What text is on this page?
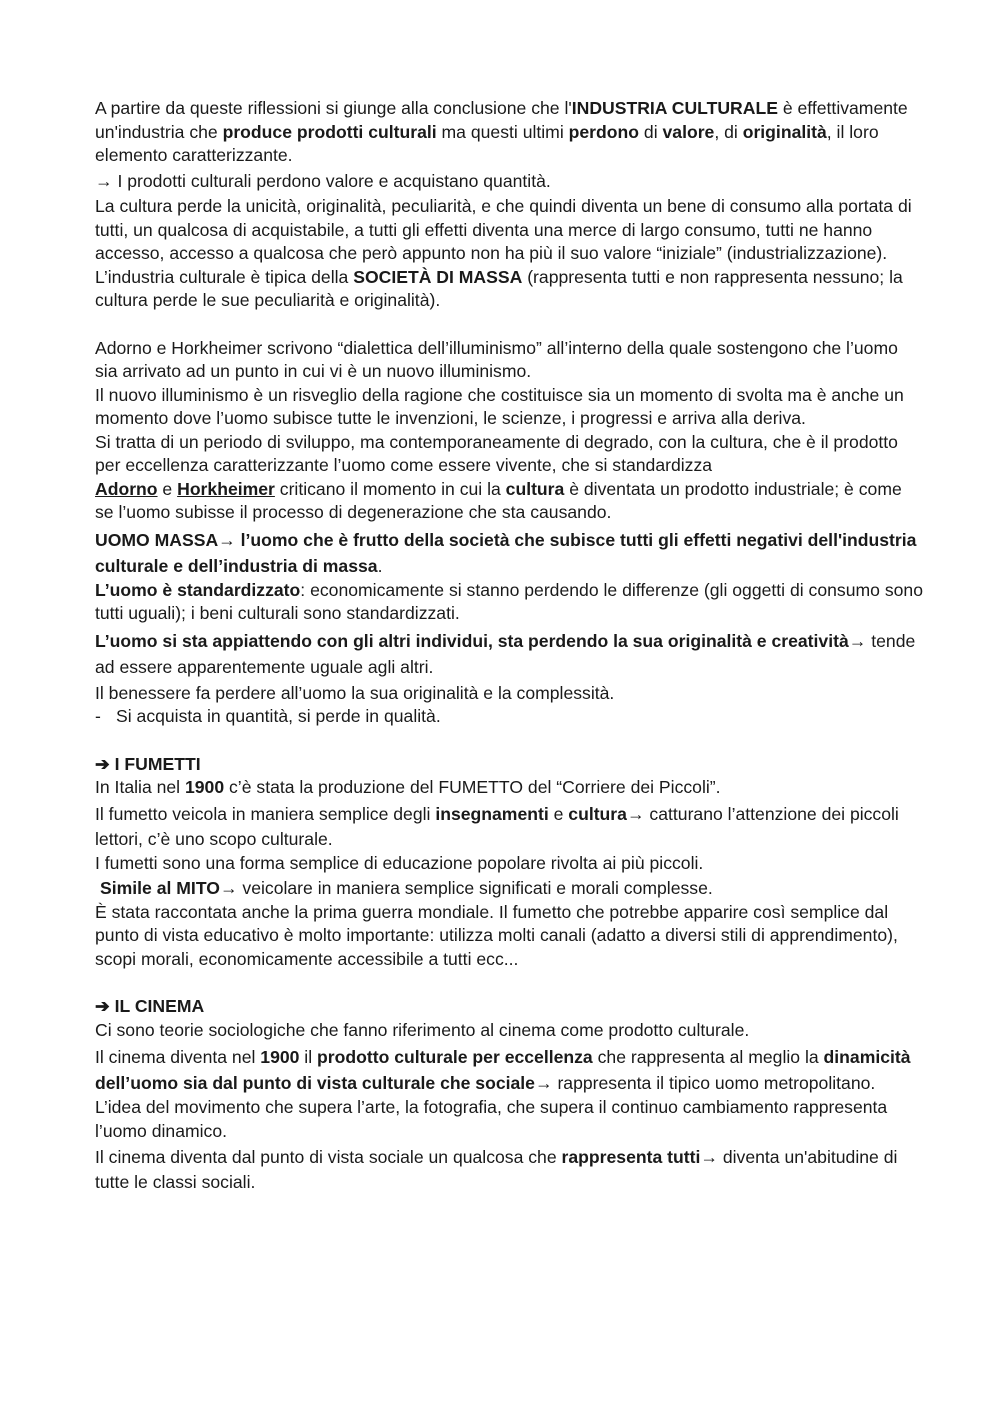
A partire da queste riflessioni si giunge alla conclusione che l'INDUSTRIA CULTURALE è effettivamente un'industria che produce prodotti culturali ma questi ultimi perdono di valore, di originalità, il loro elemento caratterizzante.

→ I prodotti culturali perdono valore e acquistano quantità.

La cultura perde la unicità, originalità, peculiarità, e che quindi diventa un bene di consumo alla portata di tutti, un qualcosa di acquistabile, a tutti gli effetti diventa una merce di largo consumo, tutti ne hanno accesso, accesso a qualcosa che però appunto non ha più il suo valore “iniziale” (industrializzazione).

L’industria culturale è tipica della SOCIETÀ DI MASSA (rappresenta tutti e non rappresenta nessuno; la cultura perde le sue peculiarità e originalità).

Adorno e Horkheimer scrivono “dialettica dell’illuminismo” all’interno della quale sostengono che l’uomo sia arrivato ad un punto in cui vi è un nuovo illuminismo.

Il nuovo illuminismo è un risveglio della ragione che costituisce sia un momento di svolta ma è anche un momento dove l’uomo subisce tutte le invenzioni, le scienze, i progressi e arriva alla deriva.

Si tratta di un periodo di sviluppo, ma contemporaneamente di degrado, con la cultura, che è il prodotto per eccellenza caratterizzante l’uomo come essere vivente, che si standardizza

Adorno e Horkheimer criticano il momento in cui la cultura è diventata un prodotto industriale; è come se l’uomo subisse il processo di degenerazione che sta causando.

UOMO MASSA→ l’uomo che è frutto della società che subisce tutti gli effetti negativi dell'industria culturale e dell’industria di massa.

L’uomo è standardizzato: economicamente si stanno perdendo le differenze (gli oggetti di consumo sono tutti uguali); i beni culturali sono standardizzati.

L’uomo si sta appiattendo con gli altri individui, sta perdendo la sua originalità e creatività→ tende ad essere apparentemente uguale agli altri.

Il benessere fa perdere all’uomo la sua originalità e la complessità.

- Si acquista in quantità, si perde in qualità.

➔ I FUMETTI

In Italia nel 1900 c’è stata la produzione del FUMETTO del “Corriere dei Piccoli”.

Il fumetto veicola in maniera semplice degli insegnamenti e cultura→ catturano l’attenzione dei piccoli lettori, c’è uno scopo culturale.

I fumetti sono una forma semplice di educazione popolare rivolta ai più piccoli.

Simile al MITO→ veicolare in maniera semplice significati e morali complesse.

È stata raccontata anche la prima guerra mondiale. Il fumetto che potrebbe apparire così semplice dal punto di vista educativo è molto importante: utilizza molti canali (adatto a diversi stili di apprendimento), scopi morali, economicamente accessibile a tutti ecc...

➔ IL CINEMA

Ci sono teorie sociologiche che fanno riferimento al cinema come prodotto culturale.

Il cinema diventa nel 1900 il prodotto culturale per eccellenza che rappresenta al meglio la dinamicità dell’uomo sia dal punto di vista culturale che sociale→ rappresenta il tipico uomo metropolitano.

L’idea del movimento che supera l’arte, la fotografia, che supera il continuo cambiamento rappresenta l’uomo dinamico.

Il cinema diventa dal punto di vista sociale un qualcosa che rappresenta tutti→ diventa un'abitudine di tutte le classi sociali.
